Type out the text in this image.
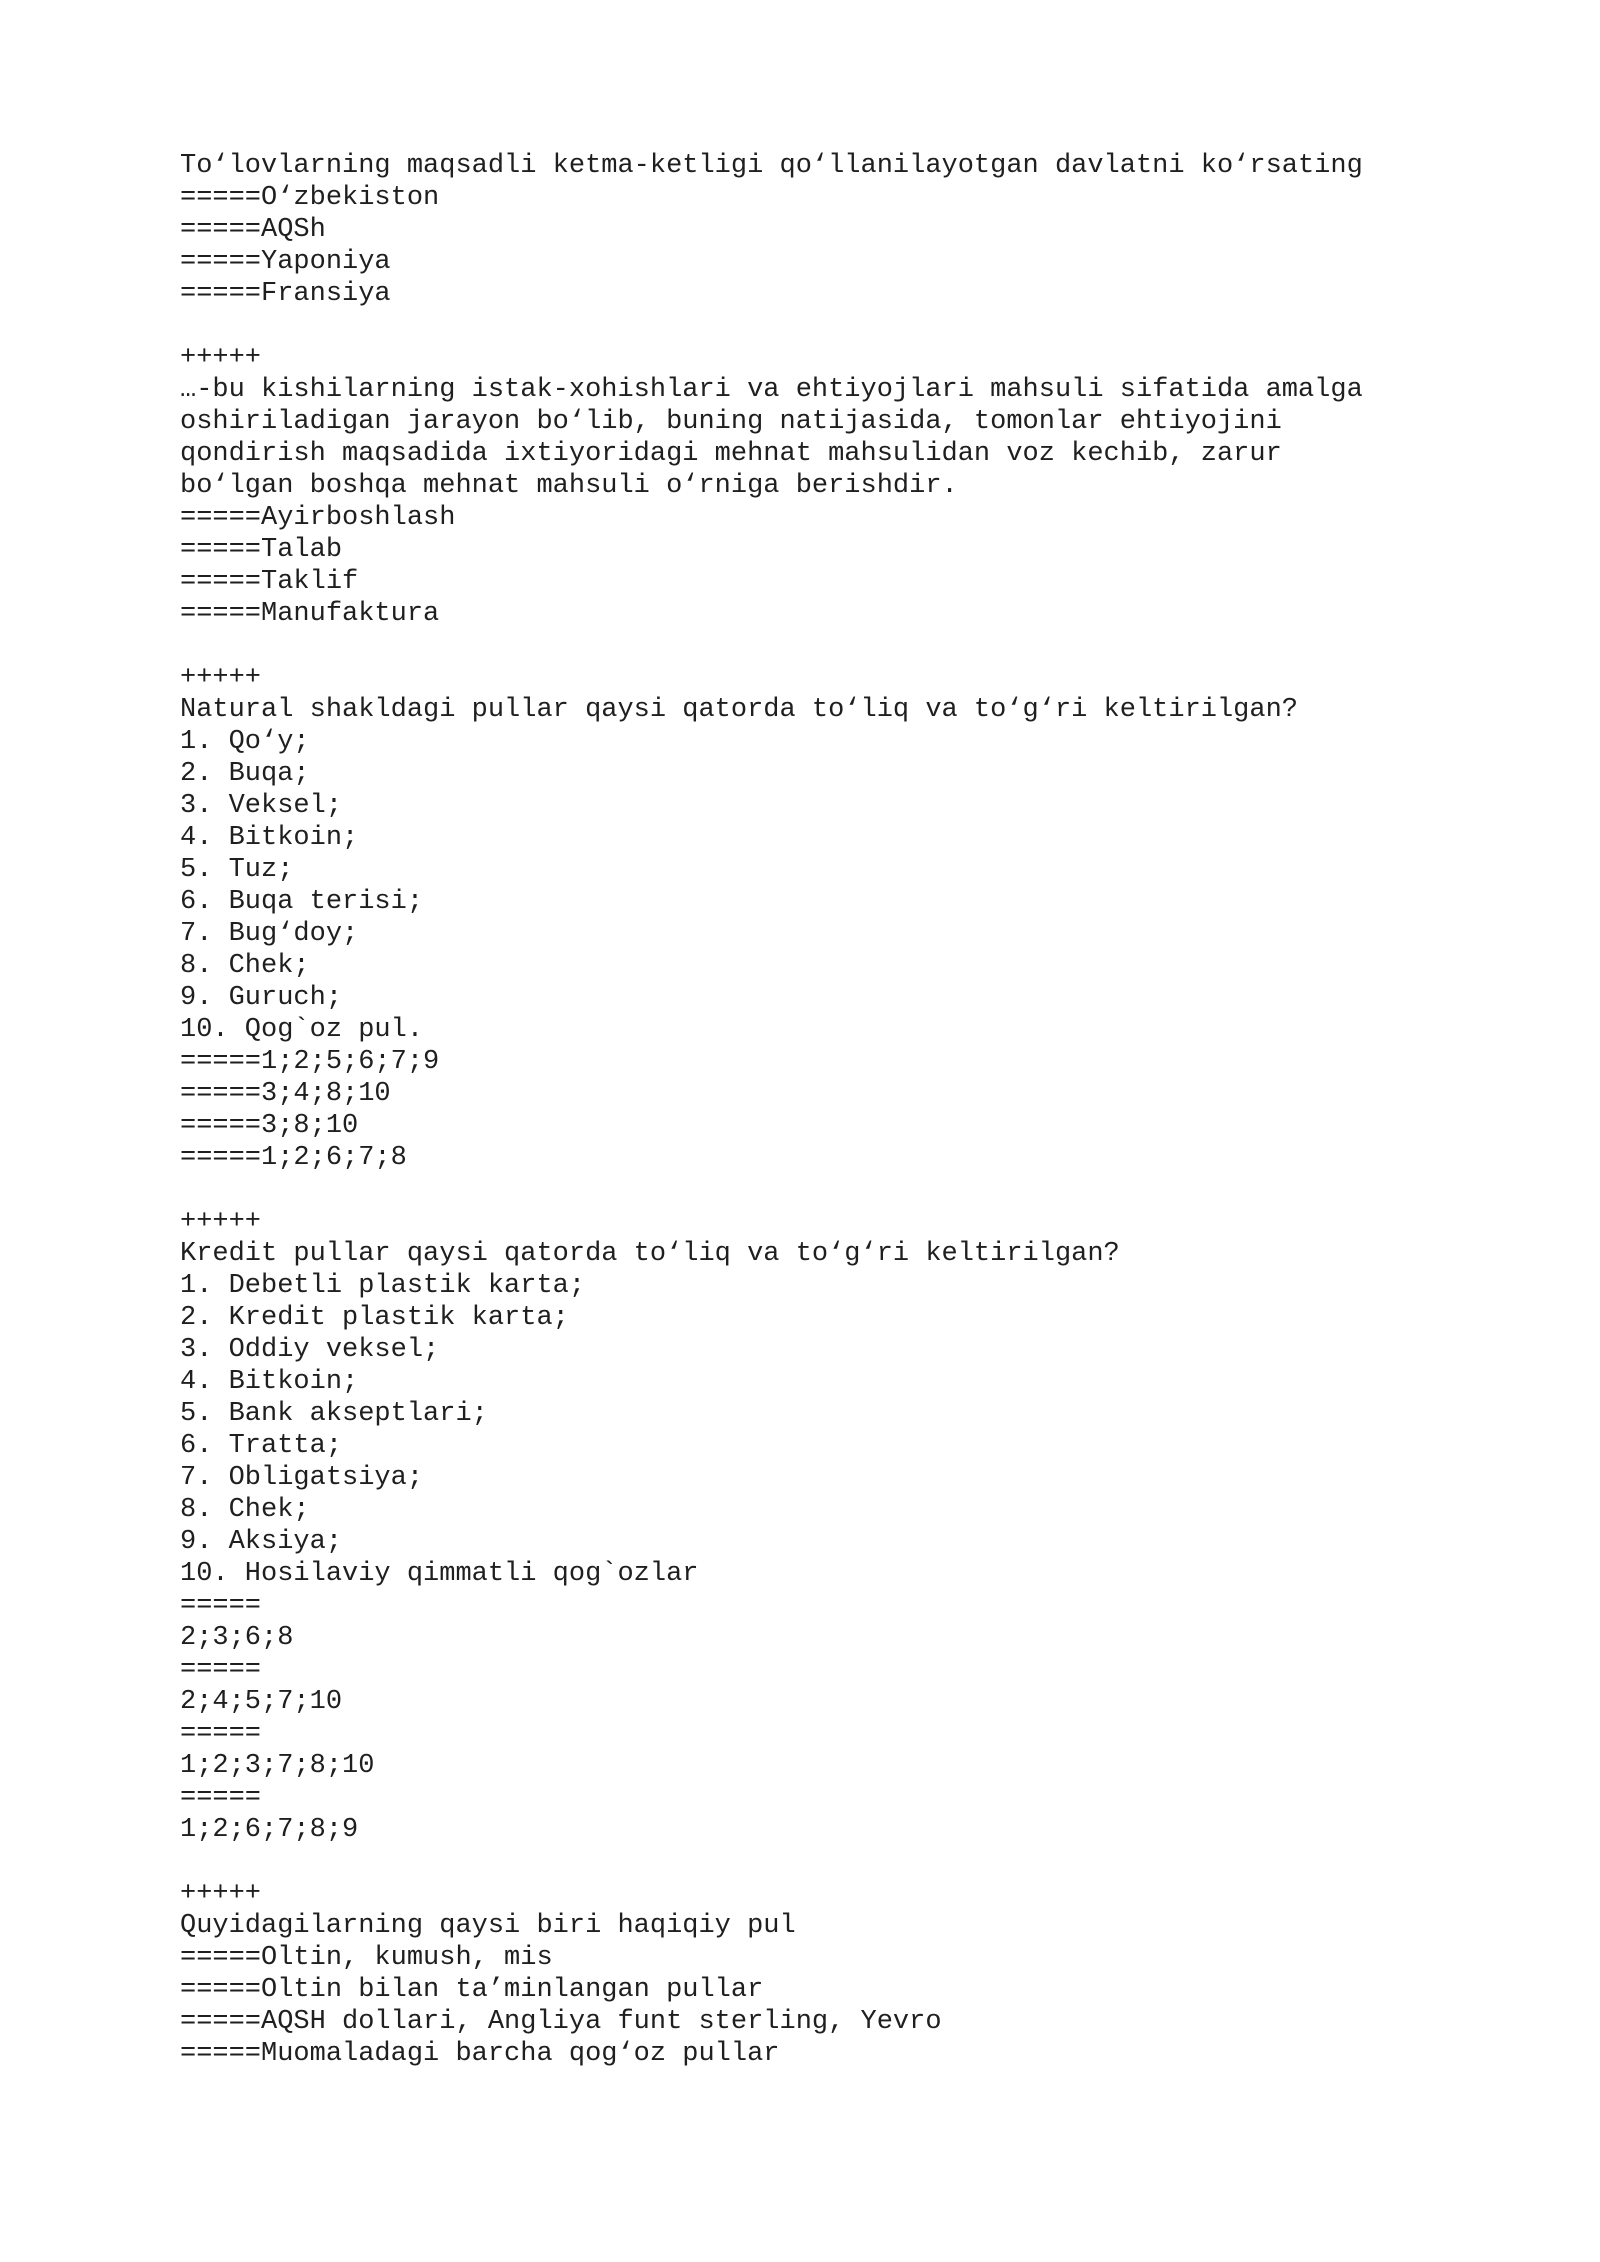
To‘lovlarning maqsadli ketma-ketligi qo‘llanilayotgan davlatni ko‘rsating
=====O‘zbekiston
=====AQSh
=====Yaponiya
=====Fransiya
+++++
…-bu kishilarning istak-xohishlari va ehtiyojlari mahsuli sifatida amalga
oshiriladigan jarayon bo‘lib, buning natijasida, tomonlar ehtiyojini
qondirish maqsadida ixtiyoridagi mehnat mahsulidan voz kechib, zarur
bo‘lgan boshqa mehnat mahsuli o‘rniga berishdir.
=====Ayirboshlash
=====Talab
=====Taklif
=====Manufaktura
+++++
Natural shakldagi pullar qaysi qatorda to‘liq va to‘g‘ri keltirilgan?
1. Qo‘y;
2. Buqa;
3. Veksel;
4. Bitkoin;
5. Tuz;
6. Buqa terisi;
7. Bug‘doy;
8. Chek;
9. Guruch;
10. Qog`oz pul.
=====1;2;5;6;7;9
=====3;4;8;10
=====3;8;10
=====1;2;6;7;8
+++++
Kredit pullar qaysi qatorda to‘liq va to‘g‘ri keltirilgan?
1. Debetli plastik karta;
2. Kredit plastik karta;
3. Oddiy veksel;
4. Bitkoin;
5. Bank akseptlari;
6. Tratta;
7. Obligatsiya;
8. Chek;
9. Aksiya;
10. Hosilaviy qimmatli qog`ozlar
=====
2;3;6;8
=====
2;4;5;7;10
=====
1;2;3;7;8;10
=====
1;2;6;7;8;9
+++++
Quyidagilarning qaysi biri haqiqiy pul
=====Oltin, kumush, mis
=====Oltin bilan ta’minlangan pullar
=====AQSH dollari, Angliya funt sterling, Yevro
=====Muomaladagi barcha qog‘oz pullar
